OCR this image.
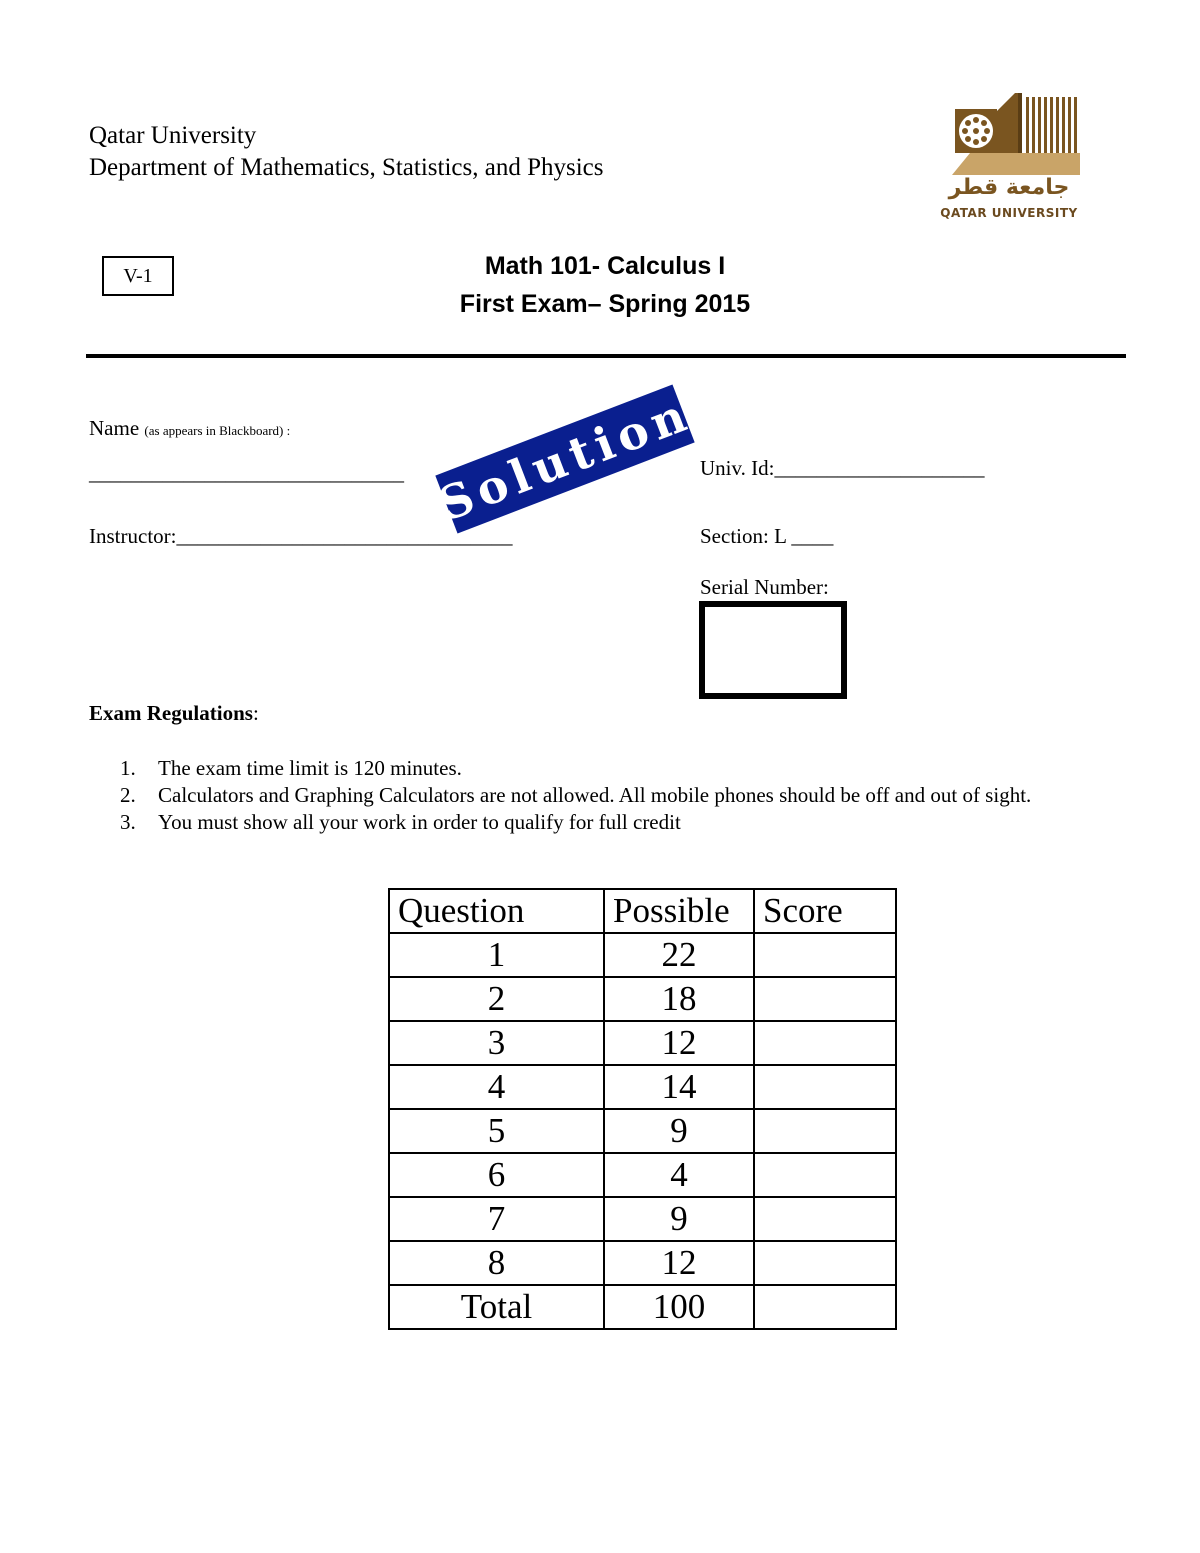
Qatar University
Department of Mathematics, Statistics, and Physics
جامعة قطر
QATAR UNIVERSITY
V-1	Math 101- Calculus I
First Exam– Spring 2015
Name (as appears in Blackboard) :
______________________________ Solution Univ. Id:____________________
Instructor:________________________________	Section: L ____
Serial Number:
Exam Regulations:
1. The exam time limit is 120 minutes.
2. Calculators and Graphing Calculators are not allowed. All mobile phones should be off and out of sight.
3. You must show all your work in order to qualify for full credit
Question	Possible	Score
1	22	
2	18	
3	12	
4	14	
5	9	
6	4	
7	9	
8	12	
Total	100	
